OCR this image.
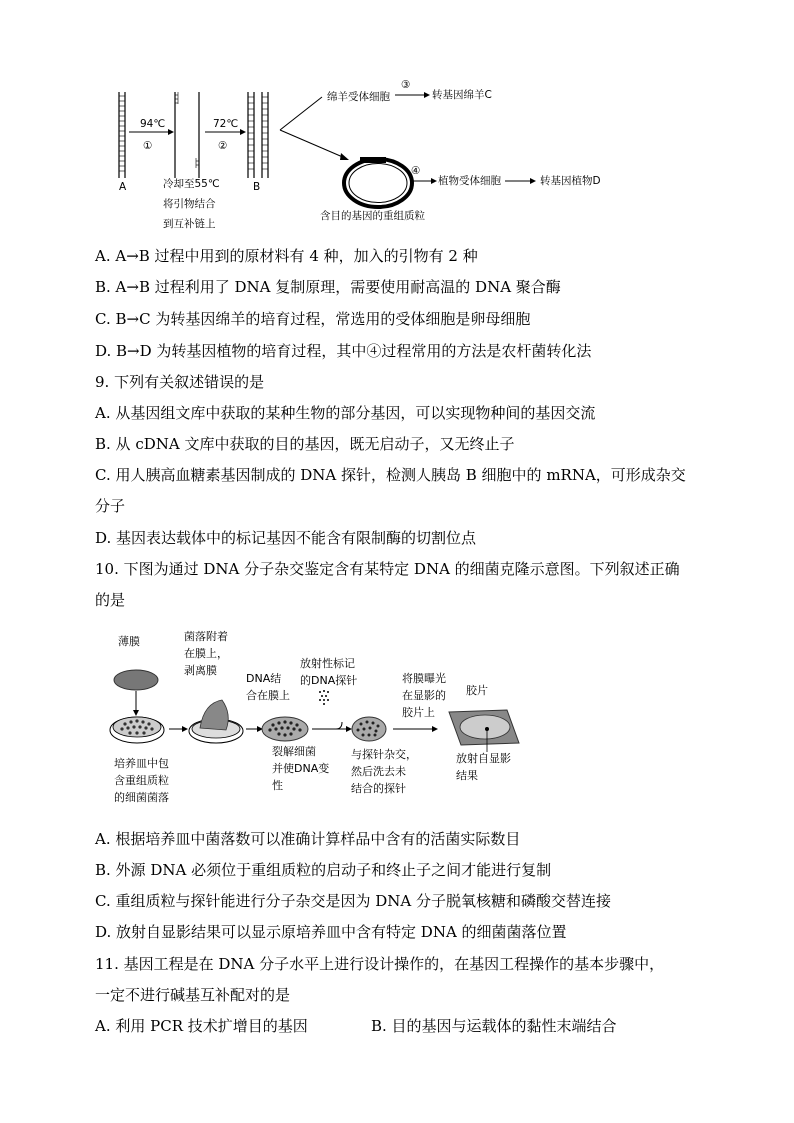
A
94℃
①
冷却至55℃
将引物结合
到互补链上
72℃
②
B
绵羊受体细胞
③
转基因绵羊C
含目的基因的重组质粒
④
植物受体细胞	转基因植物D
A. A→B 过程中用到的原材料有 4 种，加入的引物有 2 种
B. A→B 过程利用了 DNA 复制原理，需要使用耐高温的 DNA 聚合酶
C. B→C 为转基因绵羊的培育过程，常选用的受体细胞是卵母细胞
D. B→D 为转基因植物的培育过程，其中④过程常用的方法是农杆菌转化法
9. 下列有关叙述错误的是
A. 从基因组文库中获取的某种生物的部分基因，可以实现物种间的基因交流
B. 从 cDNA 文库中获取的目的基因，既无启动子，又无终止子
C. 用人胰高血糖素基因制成的 DNA 探针，检测人胰岛 B 细胞中的 mRNA，可形成杂交
分子
D. 基因表达载体中的标记基因不能含有限制酶的切割位点
10. 下图为通过 DNA 分子杂交鉴定含有某特定 DNA 的细菌克隆示意图。下列叙述正确
的是
薄膜
培养皿中包
含重组质粒
的细菌菌落
菌落附着
在膜上，
剥离膜
DNA结
合在膜上
裂解细菌
并使DNA变
性
放射性标记
的DNA探针
与探针杂交，
然后洗去未
结合的探针
将膜曝光
在显影的
胶片上
胶片
放射自显影
结果
A. 根据培养皿中菌落数可以准确计算样品中含有的活菌实际数目
B. 外源 DNA 必须位于重组质粒的启动子和终止子之间才能进行复制
C. 重组质粒与探针能进行分子杂交是因为 DNA 分子脱氧核糖和磷酸交替连接
D. 放射自显影结果可以显示原培养皿中含有特定 DNA 的细菌菌落位置
11. 基因工程是在 DNA 分子水平上进行设计操作的，在基因工程操作的基本步骤中，
一定不进行碱基互补配对的是
A. 利用 PCR 技术扩增目的基因	B. 目的基因与运载体的黏性末端结合
